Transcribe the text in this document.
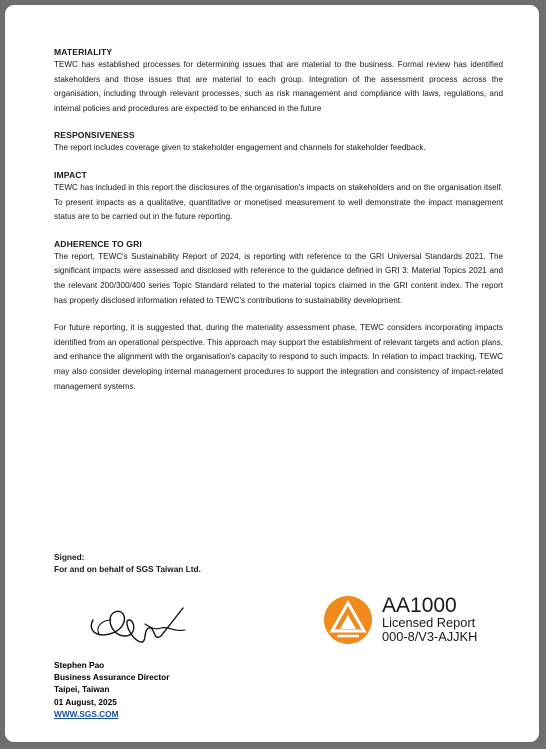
MATERIALITY
TEWC has established processes for determining issues that are material to the business. Formal review has identified stakeholders and those issues that are material to each group. Integration of the assessment process across the organisation, including through relevant processes, such as risk management and compliance with laws, regulations, and internal policies and procedures are expected to be enhanced in the future
RESPONSIVENESS
The report includes coverage given to stakeholder engagement and channels for stakeholder feedback.
IMPACT
TEWC has included in this report the disclosures of the organisation's impacts on stakeholders and on the organisation itself. To present impacts as a qualitative, quantitative or monetised measurement to well demonstrate the impact management status are to be carried out in the future reporting.
ADHERENCE TO GRI
The report, TEWC's Sustainability Report of 2024, is reporting with reference to the GRI Universal Standards 2021. The significant impacts were assessed and disclosed with reference to the guidance defined in GRI 3: Material Topics 2021 and the relevant 200/300/400 series Topic Standard related to the material topics claimed in the GRI content index. The report has properly disclosed information related to TEWC's contributions to sustainability development.
For future reporting, it is suggested that, during the materiality assessment phase, TEWC considers incorporating impacts identified from an operational perspective. This approach may support the establishment of relevant targets and action plans, and enhance the alignment with the organisation's capacity to respond to such impacts. In relation to impact tracking, TEWC may also consider developing internal management procedures to support the integration and consistency of impact-related management systems.
Signed:
For and on behalf of SGS Taiwan Ltd.
Stephen Pao
Business Assurance Director
Taipei, Taiwan
01 August, 2025
WWW.SGS.COM
AA1000
Licensed Report
000-8/V3-AJJKH
